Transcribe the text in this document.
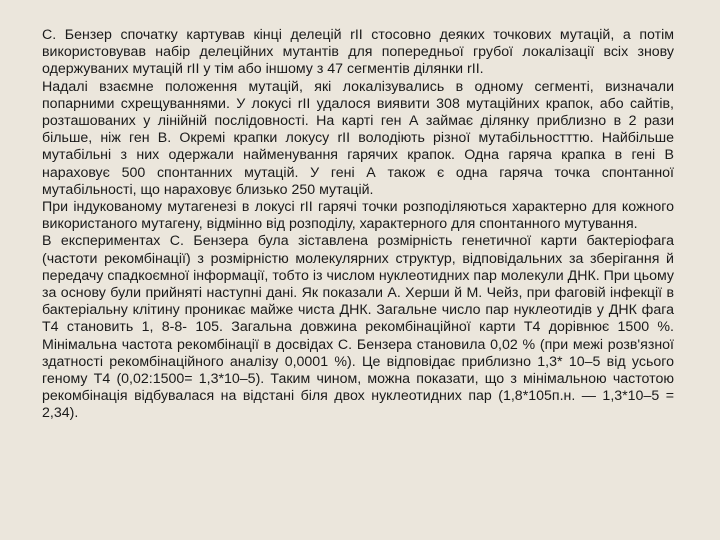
С. Бензер спочатку картував кінці делецій rII стосовно деяких точкових мутацій, а потім використовував набір делеційних мутантів для попередньої грубої локалізації всіх знову одержуваних мутацій rII у тім або іншому з 47 сегментів ділянки rII.

Надалі взаємне положення мутацій, які локалізувались в одному сегменті, визначали попарними схрещуваннями. У локусі rII удалося виявити 308 мутаційних крапок, або сайтів, розташованих у лінійній послідовності. На карті ген А займає ділянку приблизно в 2 рази більше, ніж ген В. Окремі крапки локусу rII володіють різної мутабільностттю. Найбільше мутабільні з них одержали найменування гарячих крапок. Одна гаряча крапка в гені В нараховує 500 спонтанних мутацій. У гені А також є одна гаряча точка спонтанної мутабільності, що нараховує близько 250 мутацій.

При індукованому мутагенезі в локусі rII гарячі точки розподіляються характерно для кожного використаного мутагену, відмінно від розподілу, характерного для спонтанного мутування.

В експериментах С. Бензера була зіставлена розмірність генетичної карти бактеріофага (частоти рекомбінації) з розмірністю молекулярних структур, відповідальних за зберігання й передачу спадкоємної інформації, тобто із числом нуклеотидних пар молекули ДНК. При цьому за основу були прийняті наступні дані. Як показали А. Херши й М. Чейз, при фаговій інфекції в бактеріальну клітину проникає майже чиста ДНК. Загальне число пар нуклеотидів у ДНК фага Т4 становить 1, 8-8- 105. Загальна довжина рекомбінаційної карти Т4 дорівнює 1500 %. Мінімальна частота рекомбінації в досвідах С. Бензера становила 0,02 % (при межі розв'язної здатності рекомбінаційного аналізу 0,0001 %). Це відповідає приблизно 1,3* 10–5 від усього геному Т4 (0,02:1500= 1,3*10–5). Таким чином, можна показати, що з мінімальною частотою рекомбінація відбувалася на відстані біля двох нуклеотидних пар (1,8*105п.н. — 1,3*10–5 = 2,34).
